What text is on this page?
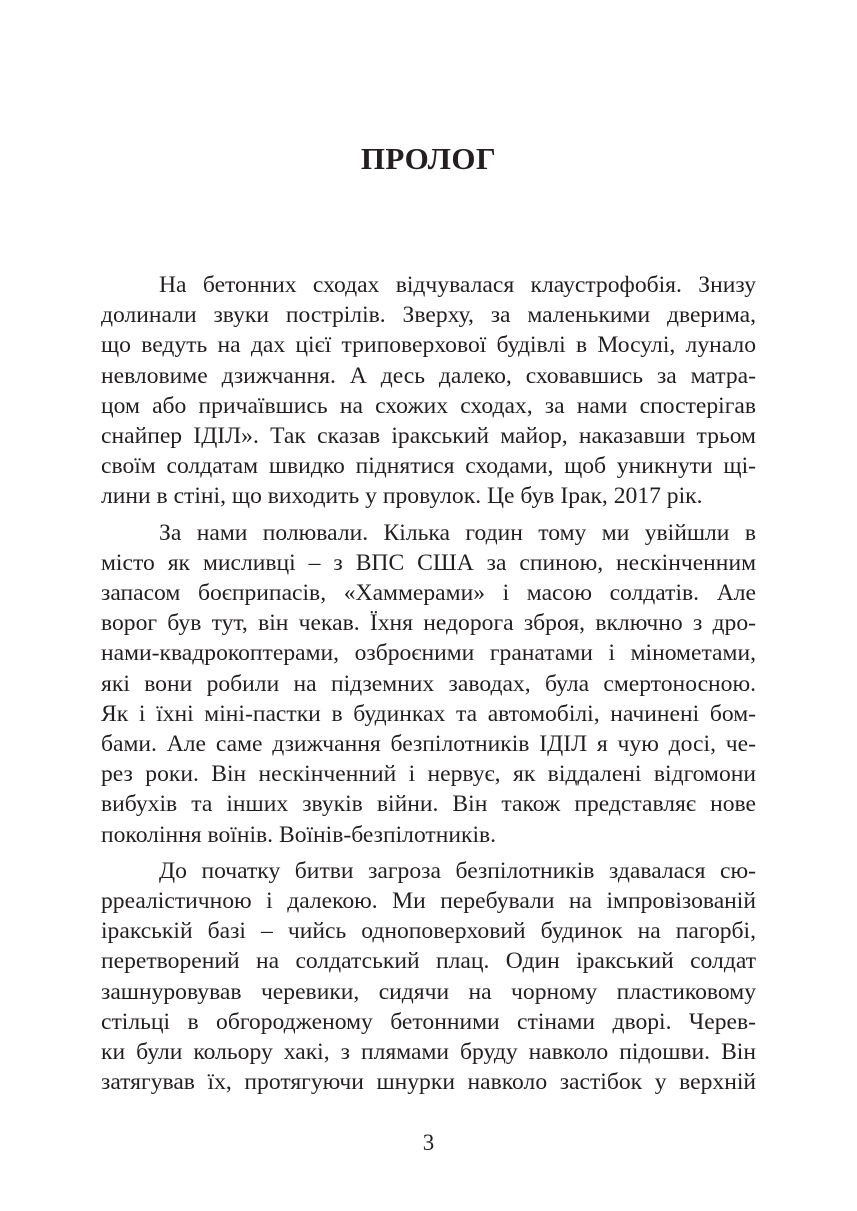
ПРОЛОГ

На бетонних сходах відчувалася клаустрофобія. Знизу
долинали звуки пострілів. Зверху, за маленькими дверима,
що ведуть на дах цієї триповерхової будівлі в Мосулі, лунало
невловиме дзижчання. А десь далеко, сховавшись за матра-
цом або причаївшись на схожих сходах, за нами спостерігав
снайпер ІДІЛ». Так сказав іракський майор, наказавши трьом
своїм солдатам швидко піднятися сходами, щоб уникнути щі-
лини в стіні, що виходить у провулок. Це був Ірак, 2017 рік.

За нами полювали. Кілька годин тому ми увійшли в
місто як мисливці – з ВПС США за спиною, нескінченним
запасом боєприпасів, «Хаммерами» і масою солдатів. Але
ворог був тут, він чекав. Їхня недорога зброя, включно з дро-
нами-квадрокоптерами, озброєними гранатами і мінометами,
які вони робили на підземних заводах, була смертоносною.
Як і їхні міні-пастки в будинках та автомобілі, начинені бом-
бами. Але саме дзижчання безпілотників ІДІЛ я чую досі, че-
рез роки. Він нескінченний і нервує, як віддалені відгомони
вибухів та інших звуків війни. Він також представляє нове
покоління воїнів. Воїнів-безпілотників.

До початку битви загроза безпілотників здавалася сю-
рреалістичною і далекою. Ми перебували на імпровізованій
іракській базі – чийсь одноповерховий будинок на пагорбі,
перетворений на солдатський плац. Один іракський солдат
зашнуровував черевики, сидячи на чорному пластиковому
стільці в обгородженому бетонними стінами дворі. Черев-
ки були кольору хакі, з плямами бруду навколо підошви. Він
затягував їх, протягуючи шнурки навколо застібок у верхній

3
